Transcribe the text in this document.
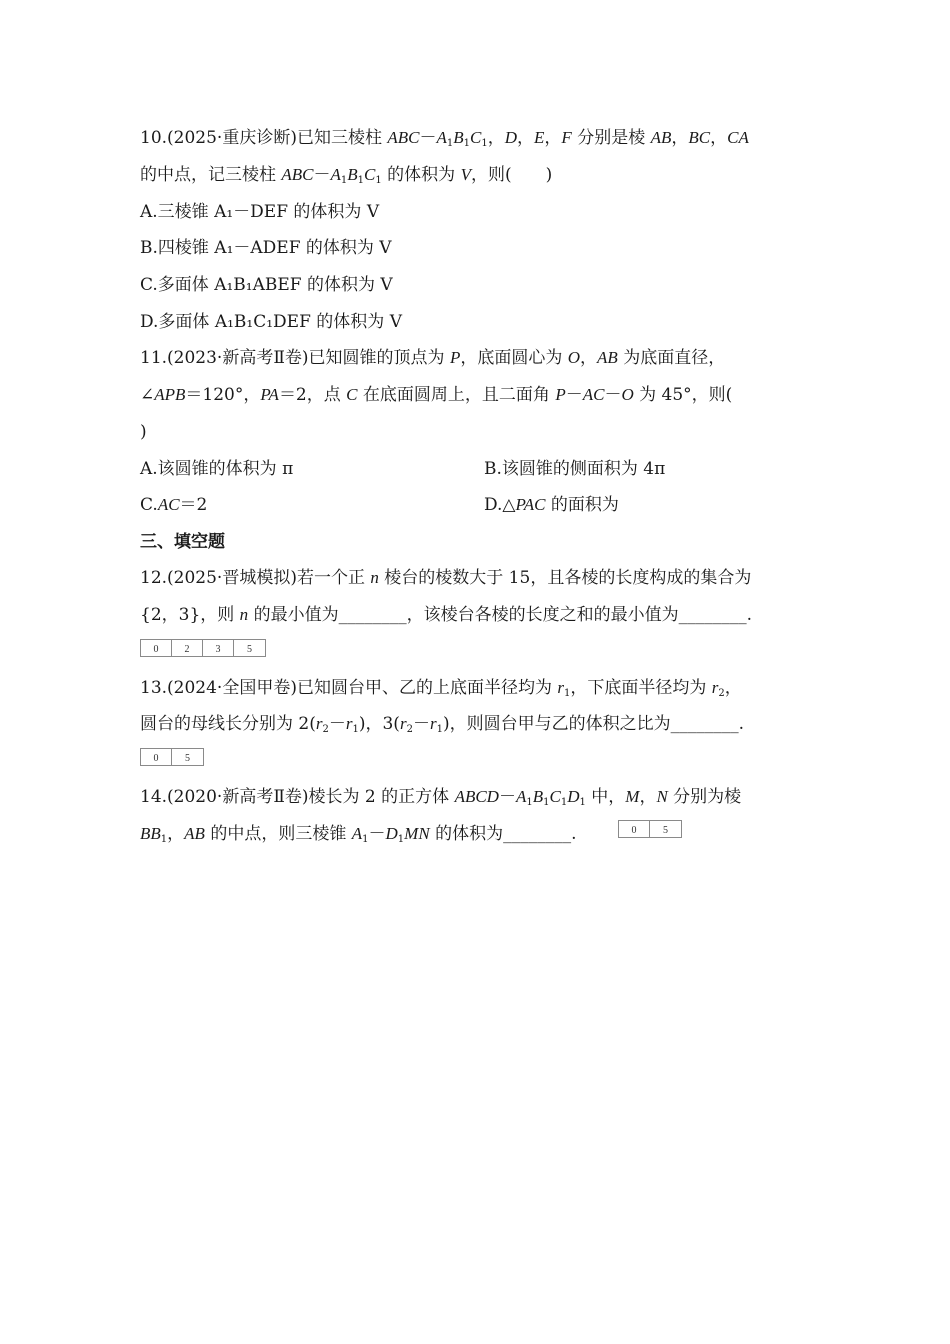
10.(2025·重庆诊断)已知三棱柱 $ABC-A_1B_1C_1$，D，E，F 分别是棱 AB，BC，CA
的中点，记三棱柱 $ABC-A_1B_1C_1$ 的体积为 V，则(　　)
A.三棱锥 A₁－DEF 的体积为 V
B.四棱锥 A₁－ADEF 的体积为 V
C.多面体 A₁B₁ABEF 的体积为 V
D.多面体 A₁B₁C₁DEF 的体积为 V
11.(2023·新高考Ⅱ卷)已知圆锥的顶点为 P，底面圆心为 O，AB 为底面直径，
∠APB＝120°，PA＝2，点 C 在底面圆周上，且二面角 P－AC－O 为 45°，则(
)
A.该圆锥的体积为 π	B.该圆锥的侧面积为 4π
C.AC＝2	D.△PAC 的面积为
三、填空题
12.(2025·晋城模拟)若一个正 n 棱台的棱数大于 15，且各棱的长度构成的集合为
{2，3}，则 n 的最小值为________，该棱台各棱的长度之和的最小值为________.
0	2	3	5
13.(2024·全国甲卷)已知圆台甲、乙的上底面半径均为 $r_1$，下底面半径均为 $r_2$，
圆台的母线长分别为 $2(r_2-r_1)$，$3(r_2-r_1)$，则圆台甲与乙的体积之比为________.
0	5
14.(2020·新高考Ⅱ卷)棱长为 2 的正方体 $ABCD-A_1B_1C_1D_1$ 中，M，N 分别为棱
$BB_1$，AB 的中点，则三棱锥 $A_1-D_1MN$ 的体积为________.	0	5
